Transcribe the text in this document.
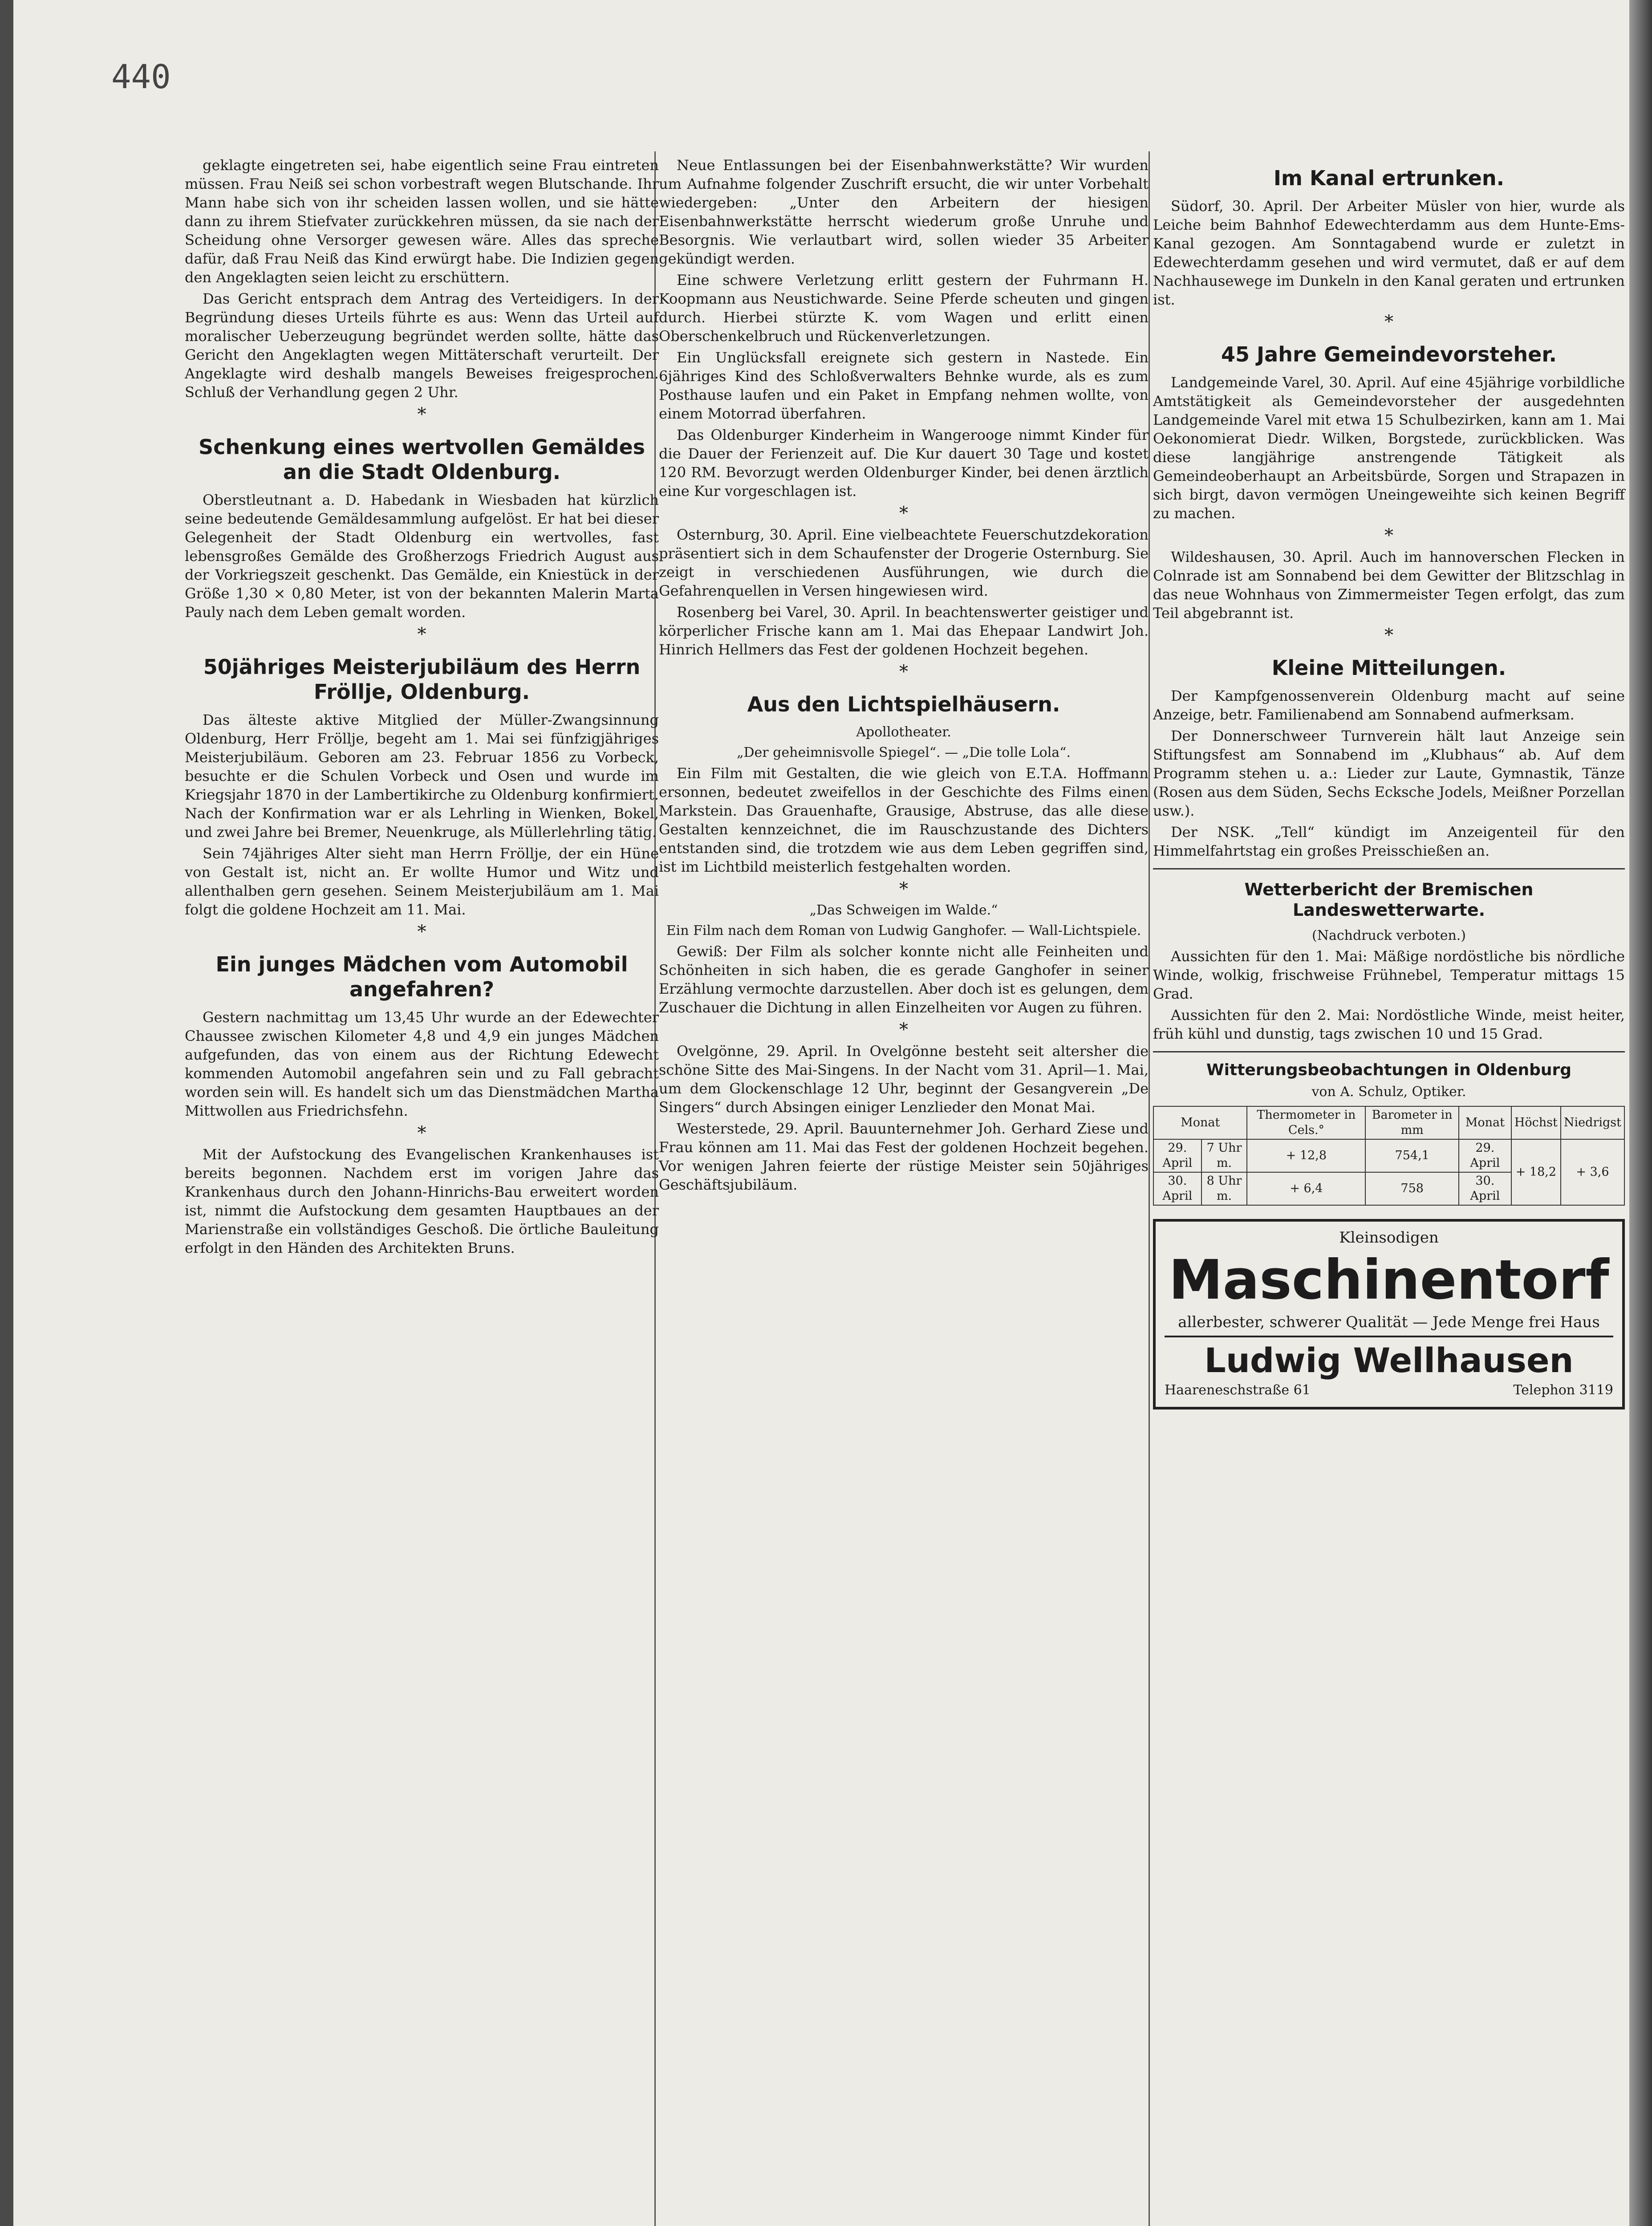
440

geklagte eingetreten sei, habe eigentlich seine Frau eintreten müssen. Frau Neiß sei schon vorbestraft wegen Blutschande. Ihr Mann habe sich von ihr scheiden lassen wollen, und sie hätte dann zu ihrem Stiefvater zurückkehren müssen, da sie nach der Scheidung ohne Versorger gewesen wäre. Alles das spreche dafür, daß Frau Neiß das Kind erwürgt habe. Die Indizien gegen den Angeklagten seien leicht zu erschüttern.

Das Gericht entsprach dem Antrag des Verteidigers. In der Begründung dieses Urteils führte es aus: Wenn das Urteil auf moralischer Ueberzeugung begründet werden sollte, hätte das Gericht den Angeklagten wegen Mittäterschaft verurteilt. Der Angeklagte wird deshalb mangels Beweises freigesprochen. Schluß der Verhandlung gegen 2 Uhr.

*
Schenkung eines wertvollen Gemäldes an die Stadt Oldenburg.

Oberstleutnant a. D. Habedank in Wiesbaden hat kürzlich seine bedeutende Gemäldesammlung aufgelöst. Er hat bei dieser Gelegenheit der Stadt Oldenburg ein wertvolles, fast lebensgroßes Gemälde des Großherzogs Friedrich August aus der Vorkriegszeit geschenkt. Das Gemälde, ein Kniestück in der Größe 1,30 × 0,80 Meter, ist von der bekannten Malerin Marta Pauly nach dem Leben gemalt worden.

*
50jähriges Meisterjubiläum des Herrn Fröllje, Oldenburg.

Das älteste aktive Mitglied der Müller-Zwangsinnung Oldenburg, Herr Fröllje, begeht am 1. Mai sei fünfzigjähriges Meisterjubiläum. Geboren am 23. Februar 1856 zu Vorbeck, besuchte er die Schulen Vorbeck und Osen und wurde im Kriegsjahr 1870 in der Lambertikirche zu Oldenburg konfirmiert. Nach der Konfirmation war er als Lehrling in Wienken, Bokel, und zwei Jahre bei Bremer, Neuenkruge, als Müllerlehrling tätig.

Sein 74jähriges Alter sieht man Herrn Fröllje, der ein Hüne von Gestalt ist, nicht an. Er wollte Humor und Witz und allenthalben gern gesehen. Seinem Meisterjubiläum am 1. Mai folgt die goldene Hochzeit am 11. Mai.

*
Ein junges Mädchen vom Automobil angefahren?

Gestern nachmittag um 13,45 Uhr wurde an der Edewechter Chaussee zwischen Kilometer 4,8 und 4,9 ein junges Mädchen aufgefunden, das von einem aus der Richtung Edewecht kommenden Automobil angefahren sein und zu Fall gebracht worden sein will. Es handelt sich um das Dienstmädchen Martha Mittwollen aus Friedrichsfehn.

*

Mit der Aufstockung des Evangelischen Krankenhauses ist bereits begonnen. Nachdem erst im vorigen Jahre das Krankenhaus durch den Johann-Hinrichs-Bau erweitert worden ist, nimmt die Aufstockung dem gesamten Hauptbaues an der Marienstraße ein vollständiges Geschoß. Die örtliche Bauleitung erfolgt in den Händen des Architekten Bruns.

Neue Entlassungen bei der Eisenbahnwerkstätte? Wir wurden um Aufnahme folgender Zuschrift ersucht, die wir unter Vorbehalt wiedergeben: „Unter den Arbeitern der hiesigen Eisenbahnwerkstätte herrscht wiederum große Unruhe und Besorgnis. Wie verlautbart wird, sollen wieder 35 Arbeiter gekündigt werden.

Eine schwere Verletzung erlitt gestern der Fuhrmann H. Koopmann aus Neustichwarde. Seine Pferde scheuten und gingen durch. Hierbei stürzte K. vom Wagen und erlitt einen Oberschenkelbruch und Rückenverletzungen.

Ein Unglücksfall ereignete sich gestern in Nastede. Ein 6jähriges Kind des Schloßverwalters Behnke wurde, als es zum Posthause laufen und ein Paket in Empfang nehmen wollte, von einem Motorrad überfahren.

Das Oldenburger Kinderheim in Wangerooge nimmt Kinder für die Dauer der Ferienzeit auf. Die Kur dauert 30 Tage und kostet 120 RM. Bevorzugt werden Oldenburger Kinder, bei denen ärztlich eine Kur vorgeschlagen ist.

*

Osternburg, 30. April. Eine vielbeachtete Feuerschutzdekoration präsentiert sich in dem Schaufenster der Drogerie Osternburg. Sie zeigt in verschiedenen Ausführungen, wie durch die Gefahrenquellen in Versen hingewiesen wird.

Rosenberg bei Varel, 30. April. In beachtenswerter geistiger und körperlicher Frische kann am 1. Mai das Ehepaar Landwirt Joh. Hinrich Hellmers das Fest der goldenen Hochzeit begehen.

*
Aus den Lichtspielhäusern.
Apollotheater.
„Der geheimnisvolle Spiegel“. — „Die tolle Lola“.

Ein Film mit Gestalten, die wie gleich von E.T.A. Hoffmann ersonnen, bedeutet zweifellos in der Geschichte des Films einen Markstein. Das Grauenhafte, Grausige, Abstruse, das alle diese Gestalten kennzeichnet, die im Rauschzustande des Dichters entstanden sind, die trotzdem wie aus dem Leben gegriffen sind, ist im Lichtbild meisterlich festgehalten worden.

*
„Das Schweigen im Walde.“
Ein Film nach dem Roman von Ludwig Ganghofer. — Wall-Lichtspiele.

Gewiß: Der Film als solcher konnte nicht alle Feinheiten und Schönheiten in sich haben, die es gerade Ganghofer in seiner Erzählung vermochte darzustellen. Aber doch ist es gelungen, dem Zuschauer die Dichtung in allen Einzelheiten vor Augen zu führen.

*

Ovelgönne, 29. April. In Ovelgönne besteht seit altersher die schöne Sitte des Mai-Singens. In der Nacht vom 31. April—1. Mai, um dem Glockenschlage 12 Uhr, beginnt der Gesangverein „De Singers“ durch Absingen einiger Lenzlieder den Monat Mai.

Westerstede, 29. April. Bauunternehmer Joh. Gerhard Ziese und Frau können am 11. Mai das Fest der goldenen Hochzeit begehen. Vor wenigen Jahren feierte der rüstige Meister sein 50jähriges Geschäftsjubiläum.

Im Kanal ertrunken.

Südorf, 30. April. Der Arbeiter Müsler von hier, wurde als Leiche beim Bahnhof Edewechterdamm aus dem Hunte-Ems-Kanal gezogen. Am Sonntagabend wurde er zuletzt in Edewechterdamm gesehen und wird vermutet, daß er auf dem Nachhausewege im Dunkeln in den Kanal geraten und ertrunken ist.

*
45 Jahre Gemeindevorsteher.

Landgemeinde Varel, 30. April. Auf eine 45jährige vorbildliche Amtstätigkeit als Gemeindevorsteher der ausgedehnten Landgemeinde Varel mit etwa 15 Schulbezirken, kann am 1. Mai Oekonomierat Diedr. Wilken, Borgstede, zurückblicken. Was diese langjährige anstrengende Tätigkeit als Gemeindeoberhaupt an Arbeitsbürde, Sorgen und Strapazen in sich birgt, davon vermögen Uneingeweihte sich keinen Begriff zu machen.

*

Wildeshausen, 30. April. Auch im hannoverschen Flecken in Colnrade ist am Sonnabend bei dem Gewitter der Blitzschlag in das neue Wohnhaus von Zimmermeister Tegen erfolgt, das zum Teil abgebrannt ist.

*
Kleine Mitteilungen.

Der Kampfgenossenverein Oldenburg macht auf seine Anzeige, betr. Familienabend am Sonnabend aufmerksam.

Der Donnerschweer Turnverein hält laut Anzeige sein Stiftungsfest am Sonnabend im „Klubhaus“ ab. Auf dem Programm stehen u. a.: Lieder zur Laute, Gymnastik, Tänze (Rosen aus dem Süden, Sechs Ecksche Jodels, Meißner Porzellan usw.).

Der NSK. „Tell“ kündigt im Anzeigenteil für den Himmelfahrtstag ein großes Preisschießen an.

Wetterbericht der Bremischen Landeswetterwarte.
(Nachdruck verboten.)

Aussichten für den 1. Mai: Mäßige nordöstliche bis nördliche Winde, wolkig, frischweise Frühnebel, Temperatur mittags 15 Grad.

Aussichten für den 2. Mai: Nordöstliche Winde, meist heiter, früh kühl und dunstig, tags zwischen 10 und 15 Grad.

Witterungsbeobachtungen in Oldenburg
von A. Schulz, Optiker.
Monat		Thermometer in Cels.°	Barometer in mm	Monat	Höchst	Niedrigst
29. April	7 Uhr m.	+ 12,8	754,1	29. April	+ 18,2	+ 3,6
30. April	8 Uhr m.	+ 6,4	758	30. April		
Kleinsodigen
Maschinentorf
allerbester, schwerer Qualität — Jede Menge frei Haus
Ludwig Wellhausen
Haareneschstraße 61	Telephon 3119
